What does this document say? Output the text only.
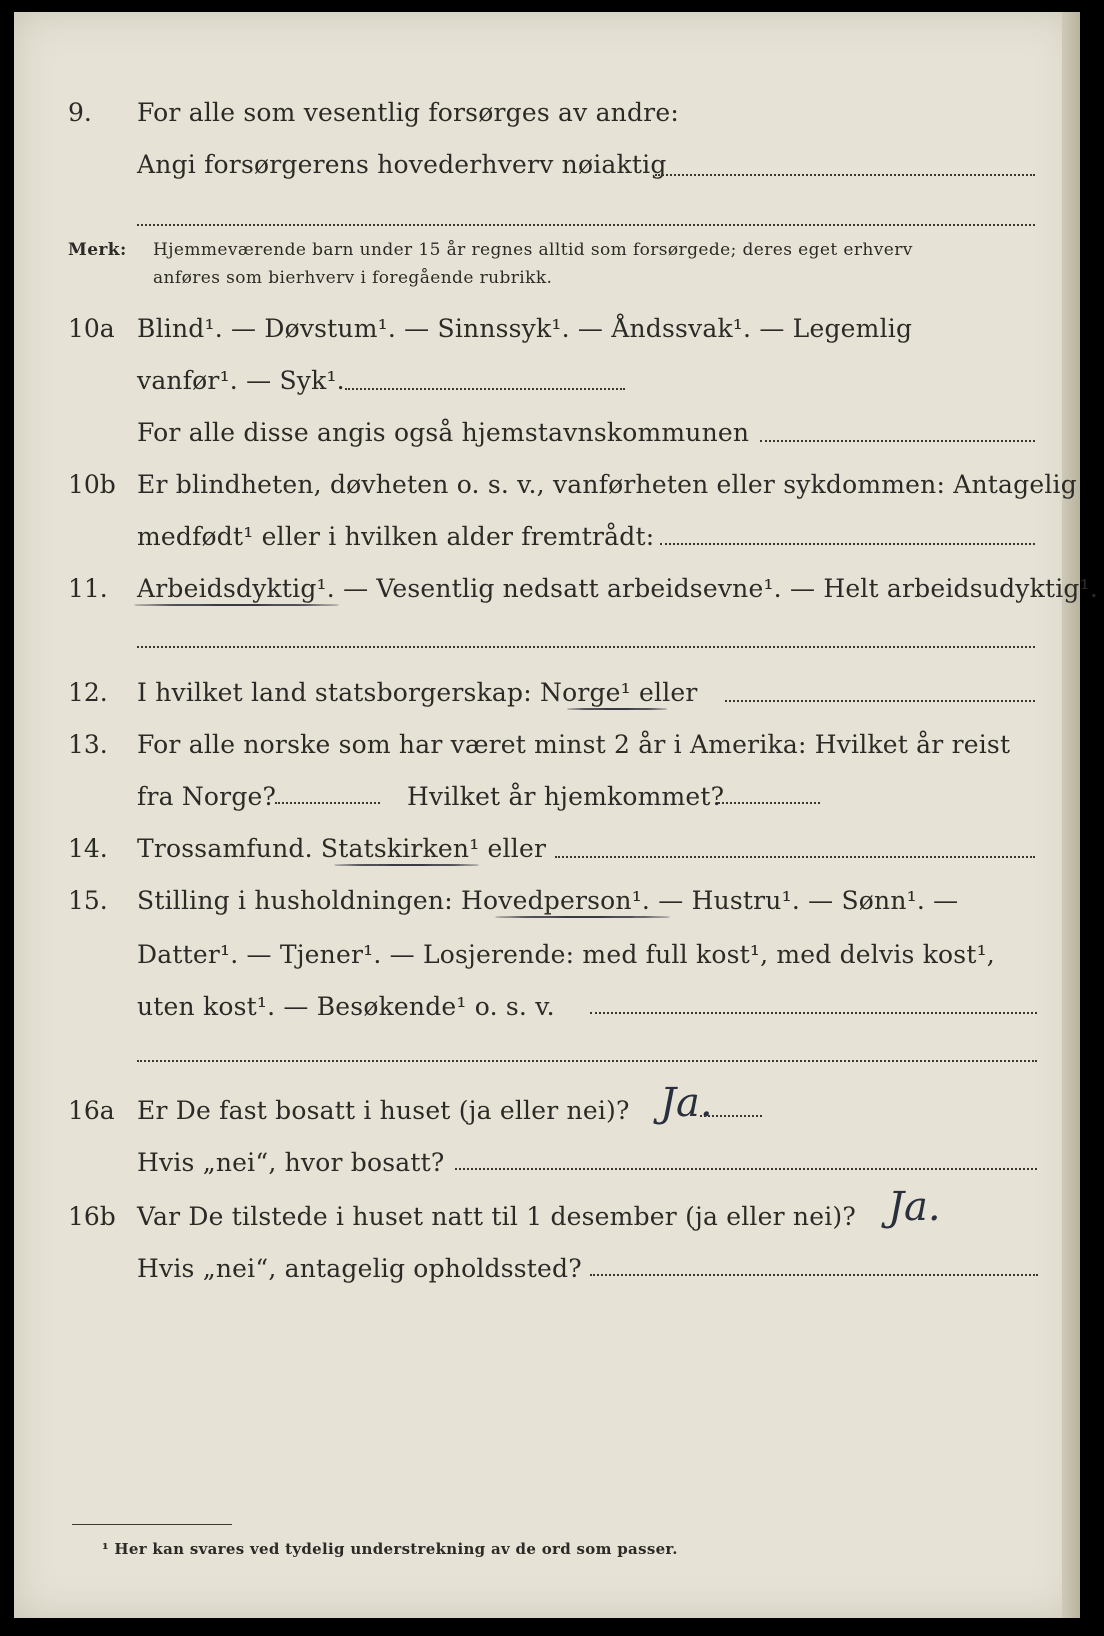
9. For alle som vesentlig forsørges av andre:
Angi forsørgerens hovederhverv nøiaktig
Merk: Hjemmeværende barn under 15 år regnes alltid som forsørgede; deres eget erhverv
anføres som bierhverv i foregående rubrikk.
10a Blind¹. — Døvstum¹. — Sinnssyk¹. — Åndssvak¹. — Legemlig
vanfør¹. — Syk¹.
For alle disse angis også hjemstavnskommunen
10b Er blindheten, døvheten o. s. v., vanførheten eller sykdommen: Antagelig
medfødt¹ eller i hvilken alder fremtrådt:
11. Arbeidsdyktig¹. — Vesentlig nedsatt arbeidsevne¹. — Helt arbeidsudyktig¹.
12. I hvilket land statsborgerskap: Norge¹ eller
13. For alle norske som har været minst 2 år i Amerika: Hvilket år reist
fra Norge?	Hvilket år hjemkommet?
14. Trossamfund. Statskirken¹ eller
15. Stilling i husholdningen: Hovedperson¹. — Hustru¹. — Sønn¹. —
Datter¹. — Tjener¹. — Losjerende: med full kost¹, med delvis kost¹,
uten kost¹. — Besøkende¹ o. s. v.
16a Er De fast bosatt i huset (ja eller nei)? Ja.
Hvis „nei“, hvor bosatt?
16b Var De tilstede i huset natt til 1 desember (ja eller nei)? Ja.
Hvis „nei“, antagelig opholdssted?
¹ Her kan svares ved tydelig understrekning av de ord som passer.
